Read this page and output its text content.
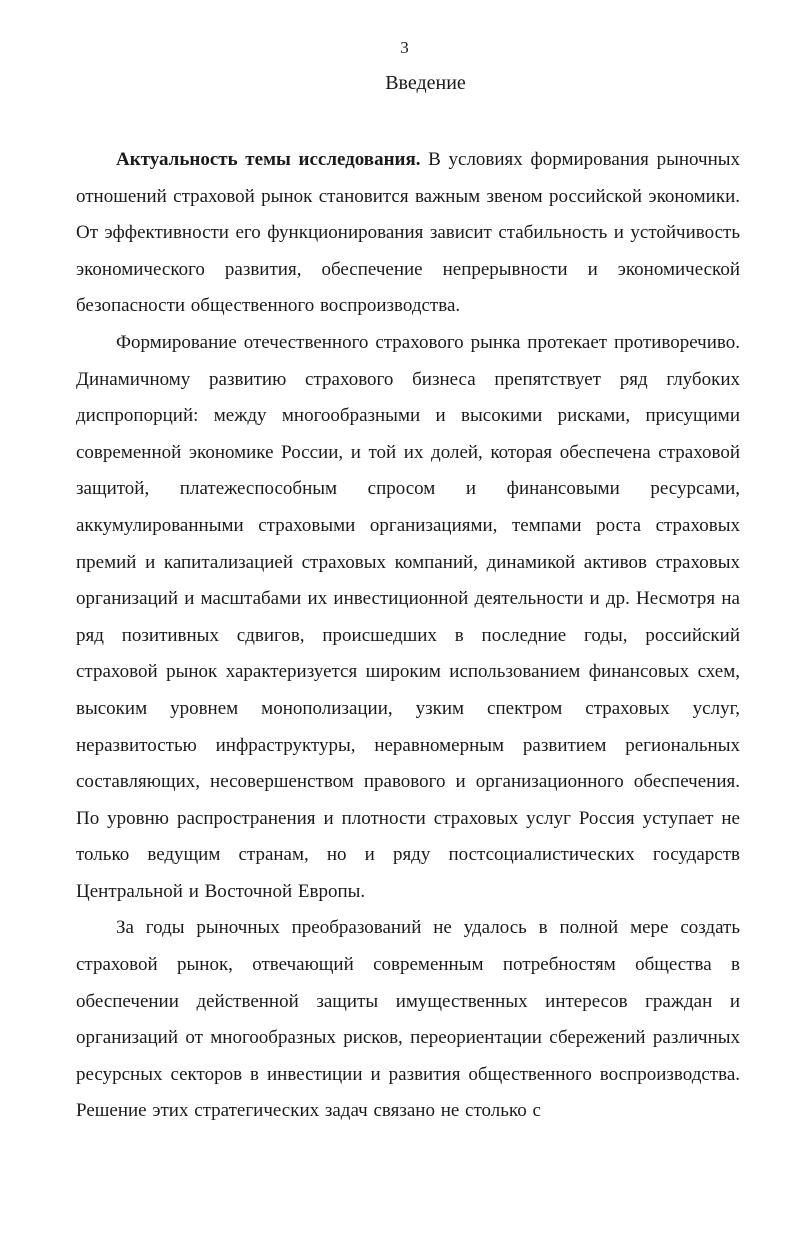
3
Введение

Актуальность темы исследования. В условиях формирования рыночных отношений страховой рынок становится важным звеном российской экономики. От эффективности его функционирования зависит стабильность и устойчивость экономического развития, обеспечение непрерывности и экономической безопасности общественного воспроизводства.

Формирование отечественного страхового рынка протекает противоречиво. Динамичному развитию страхового бизнеса препятствует ряд глубоких диспропорций: между многообразными и высокими рисками, присущими современной экономике России, и той их долей, которая обеспечена страховой защитой, платежеспособным спросом и финансовыми ресурсами, аккумулированными страховыми организациями, темпами роста страховых премий и капитализацией страховых компаний, динамикой активов страховых организаций и масштабами их инвестиционной деятельности и др. Несмотря на ряд позитивных сдвигов, происшедших в последние годы, российский страховой рынок характеризуется широким использованием финансовых схем, высоким уровнем монополизации, узким спектром страховых услуг, неразвитостью инфраструктуры, неравномерным развитием региональных составляющих, несовершенством правового и организационного обеспечения. По уровню распространения и плотности страховых услуг Россия уступает не только ведущим странам, но и ряду постсоциалистических государств Центральной и Восточной Европы.

За годы рыночных преобразований не удалось в полной мере создать страховой рынок, отвечающий современным потребностям общества в обеспечении действенной защиты имущественных интересов граждан и организаций от многообразных рисков, переориентации сбережений различных ресурсных секторов в инвестиции и развития общественного воспроизводства. Решение этих стратегических задач связано не столько с
